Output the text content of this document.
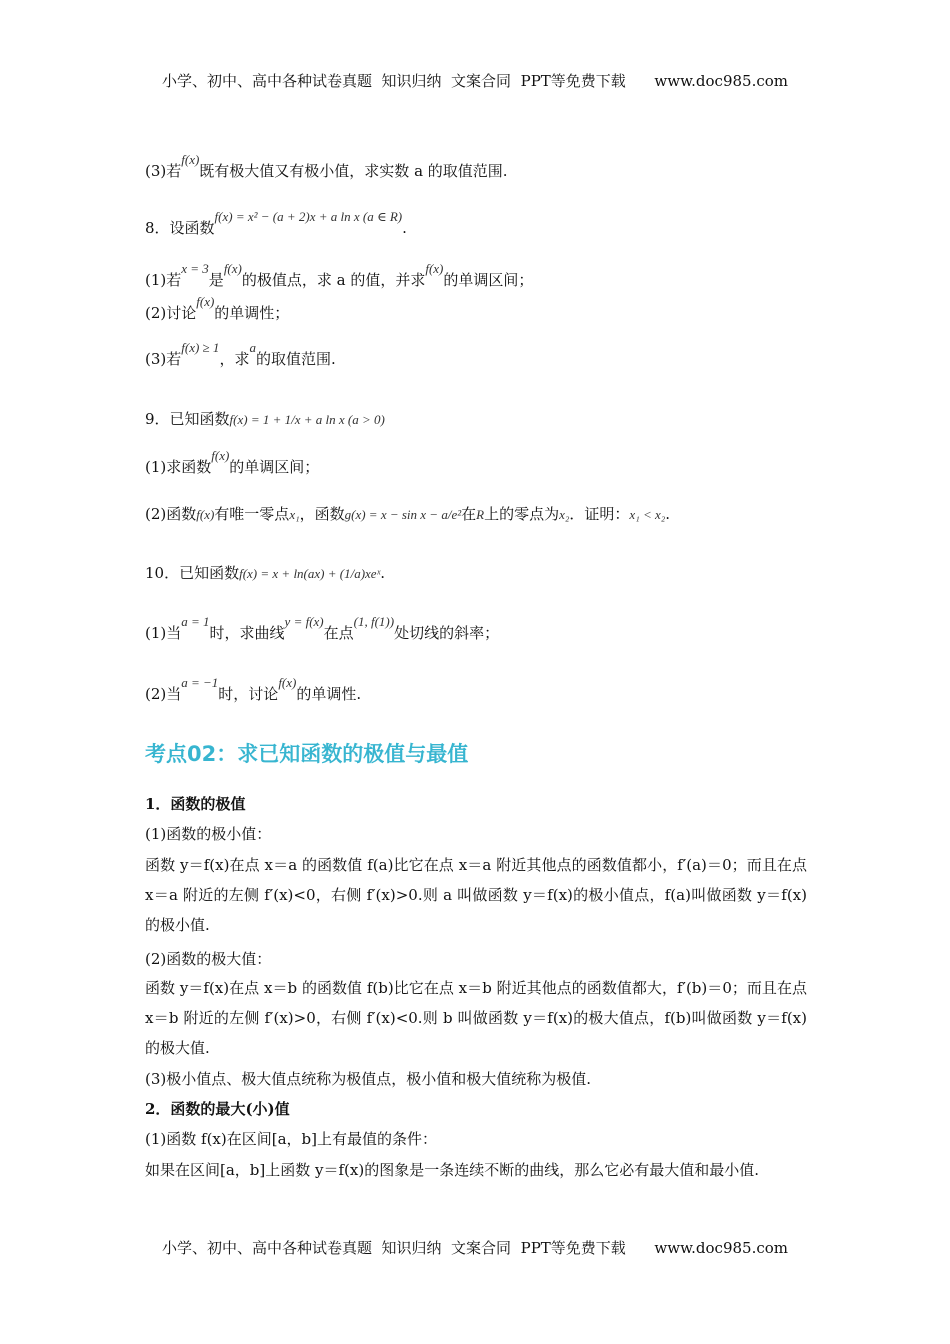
小学、初中、高中各种试卷真题  知识归纳  文案合同  PPT等免费下载 www.doc985.com
(3)若f(x)既有极大值又有极小值，求实数 a 的取值范围.
8．设函数f(x) = x² − (a + 2)x + a ln x (a ∈ R).
(1)若x = 3是f(x)的极值点，求 a 的值，并求f(x)的单调区间；
(2)讨论f(x)的单调性；
(3)若f(x) ≥ 1，求a的取值范围.
9．已知函数f(x) = 1 + 1/x + a ln x (a > 0)
(1)求函数f(x)的单调区间；
(2)函数f(x)有唯一零点x₁，函数g(x) = x − sin x − a/e²在R上的零点为x₂．证明：x₁ < x₂.
10．已知函数f(x) = x + ln(ax) + (1/a)xeˣ.
(1)当a = 1时，求曲线y = f(x)在点(1, f(1))处切线的斜率；
(2)当a = −1时，讨论f(x)的单调性.
考点02：求已知函数的极值与最值
1．函数的极值
(1)函数的极小值：
函数 y＝f(x)在点 x＝a 的函数值 f(a)比它在点 x＝a 附近其他点的函数值都小，f′(a)＝0；而且在点 x＝a 附近的左侧 f′(x)<0，右侧 f′(x)>0.则 a 叫做函数 y＝f(x)的极小值点，f(a)叫做函数 y＝f(x)的极小值.
(2)函数的极大值：
函数 y＝f(x)在点 x＝b 的函数值 f(b)比它在点 x＝b 附近其他点的函数值都大，f′(b)＝0；而且在点 x＝b 附近的左侧 f′(x)>0，右侧 f′(x)<0.则 b 叫做函数 y＝f(x)的极大值点，f(b)叫做函数 y＝f(x)的极大值.
(3)极小值点、极大值点统称为极值点，极小值和极大值统称为极值.
2．函数的最大(小)值
(1)函数 f(x)在区间[a，b]上有最值的条件：
如果在区间[a，b]上函数 y＝f(x)的图象是一条连续不断的曲线，那么它必有最大值和最小值.
小学、初中、高中各种试卷真题  知识归纳  文案合同  PPT等免费下载 www.doc985.com
